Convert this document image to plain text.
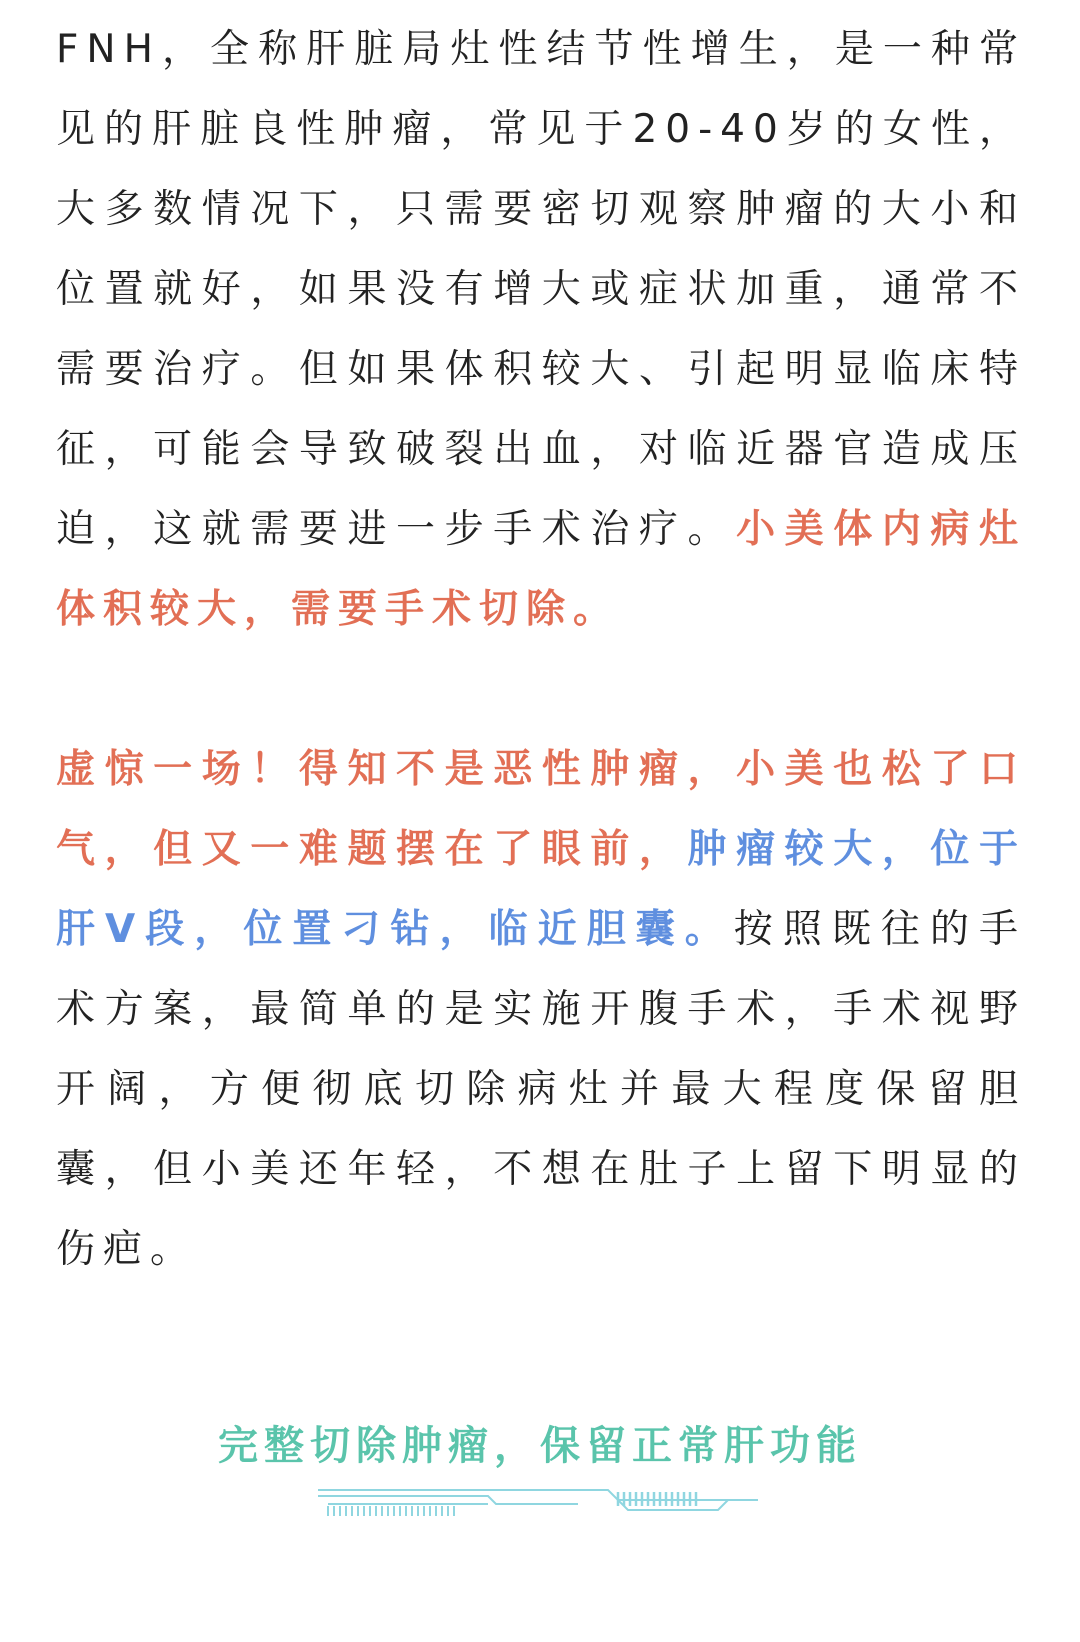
FNH，全称肝脏局灶性结节性增生，是一种常见的肝脏良性肿瘤，常见于20-40岁的女性，大多数情况下，只需要密切观察肿瘤的大小和位置就好，如果没有增大或症状加重，通常不需要治疗。但如果体积较大、引起明显临床特征，可能会导致破裂出血，对临近器官造成压迫，这就需要进一步手术治疗。小美体内病灶体积较大，需要手术切除。

虚惊一场！得知不是恶性肿瘤，小美也松了口气，但又一难题摆在了眼前，肿瘤较大，位于肝V段，位置刁钻，临近胆囊。按照既往的手术方案，最简单的是实施开腹手术，手术视野开阔，方便彻底切除病灶并最大程度保留胆囊，但小美还年轻，不想在肚子上留下明显的伤疤。

完整切除肿瘤，保留正常肝功能
